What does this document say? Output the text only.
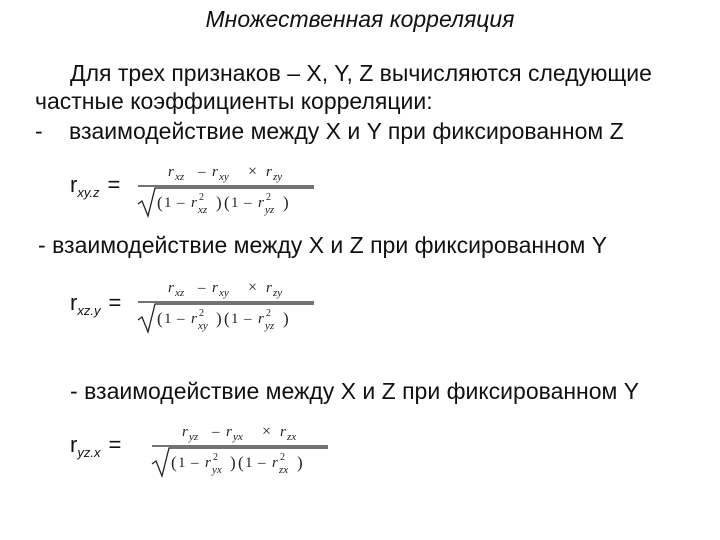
Множественная корреляция
Для трех признаков – X, Y, Z вычисляются следующие
частные коэффициенты корреляции:
- взаимодействие между X и Y при фиксированном Z
$r_{xy.z}$ =	r xz – r xy × r zy
( 1 – r 2
xz ) ( 1 – r 2
yz )
- взаимодействие между X и Z при фиксированном Y
$r_{xz.y}$ =
r xz – r xy × r zy
( 1 – r 2
xy ) ( 1 – r 2
yz )
- взаимодействие между X и Z при фиксированном Y
$r_{yz.x}$ =	r yz – r yx × r zx
( 1 – r 2
yx ) ( 1 – r 2
zx )
